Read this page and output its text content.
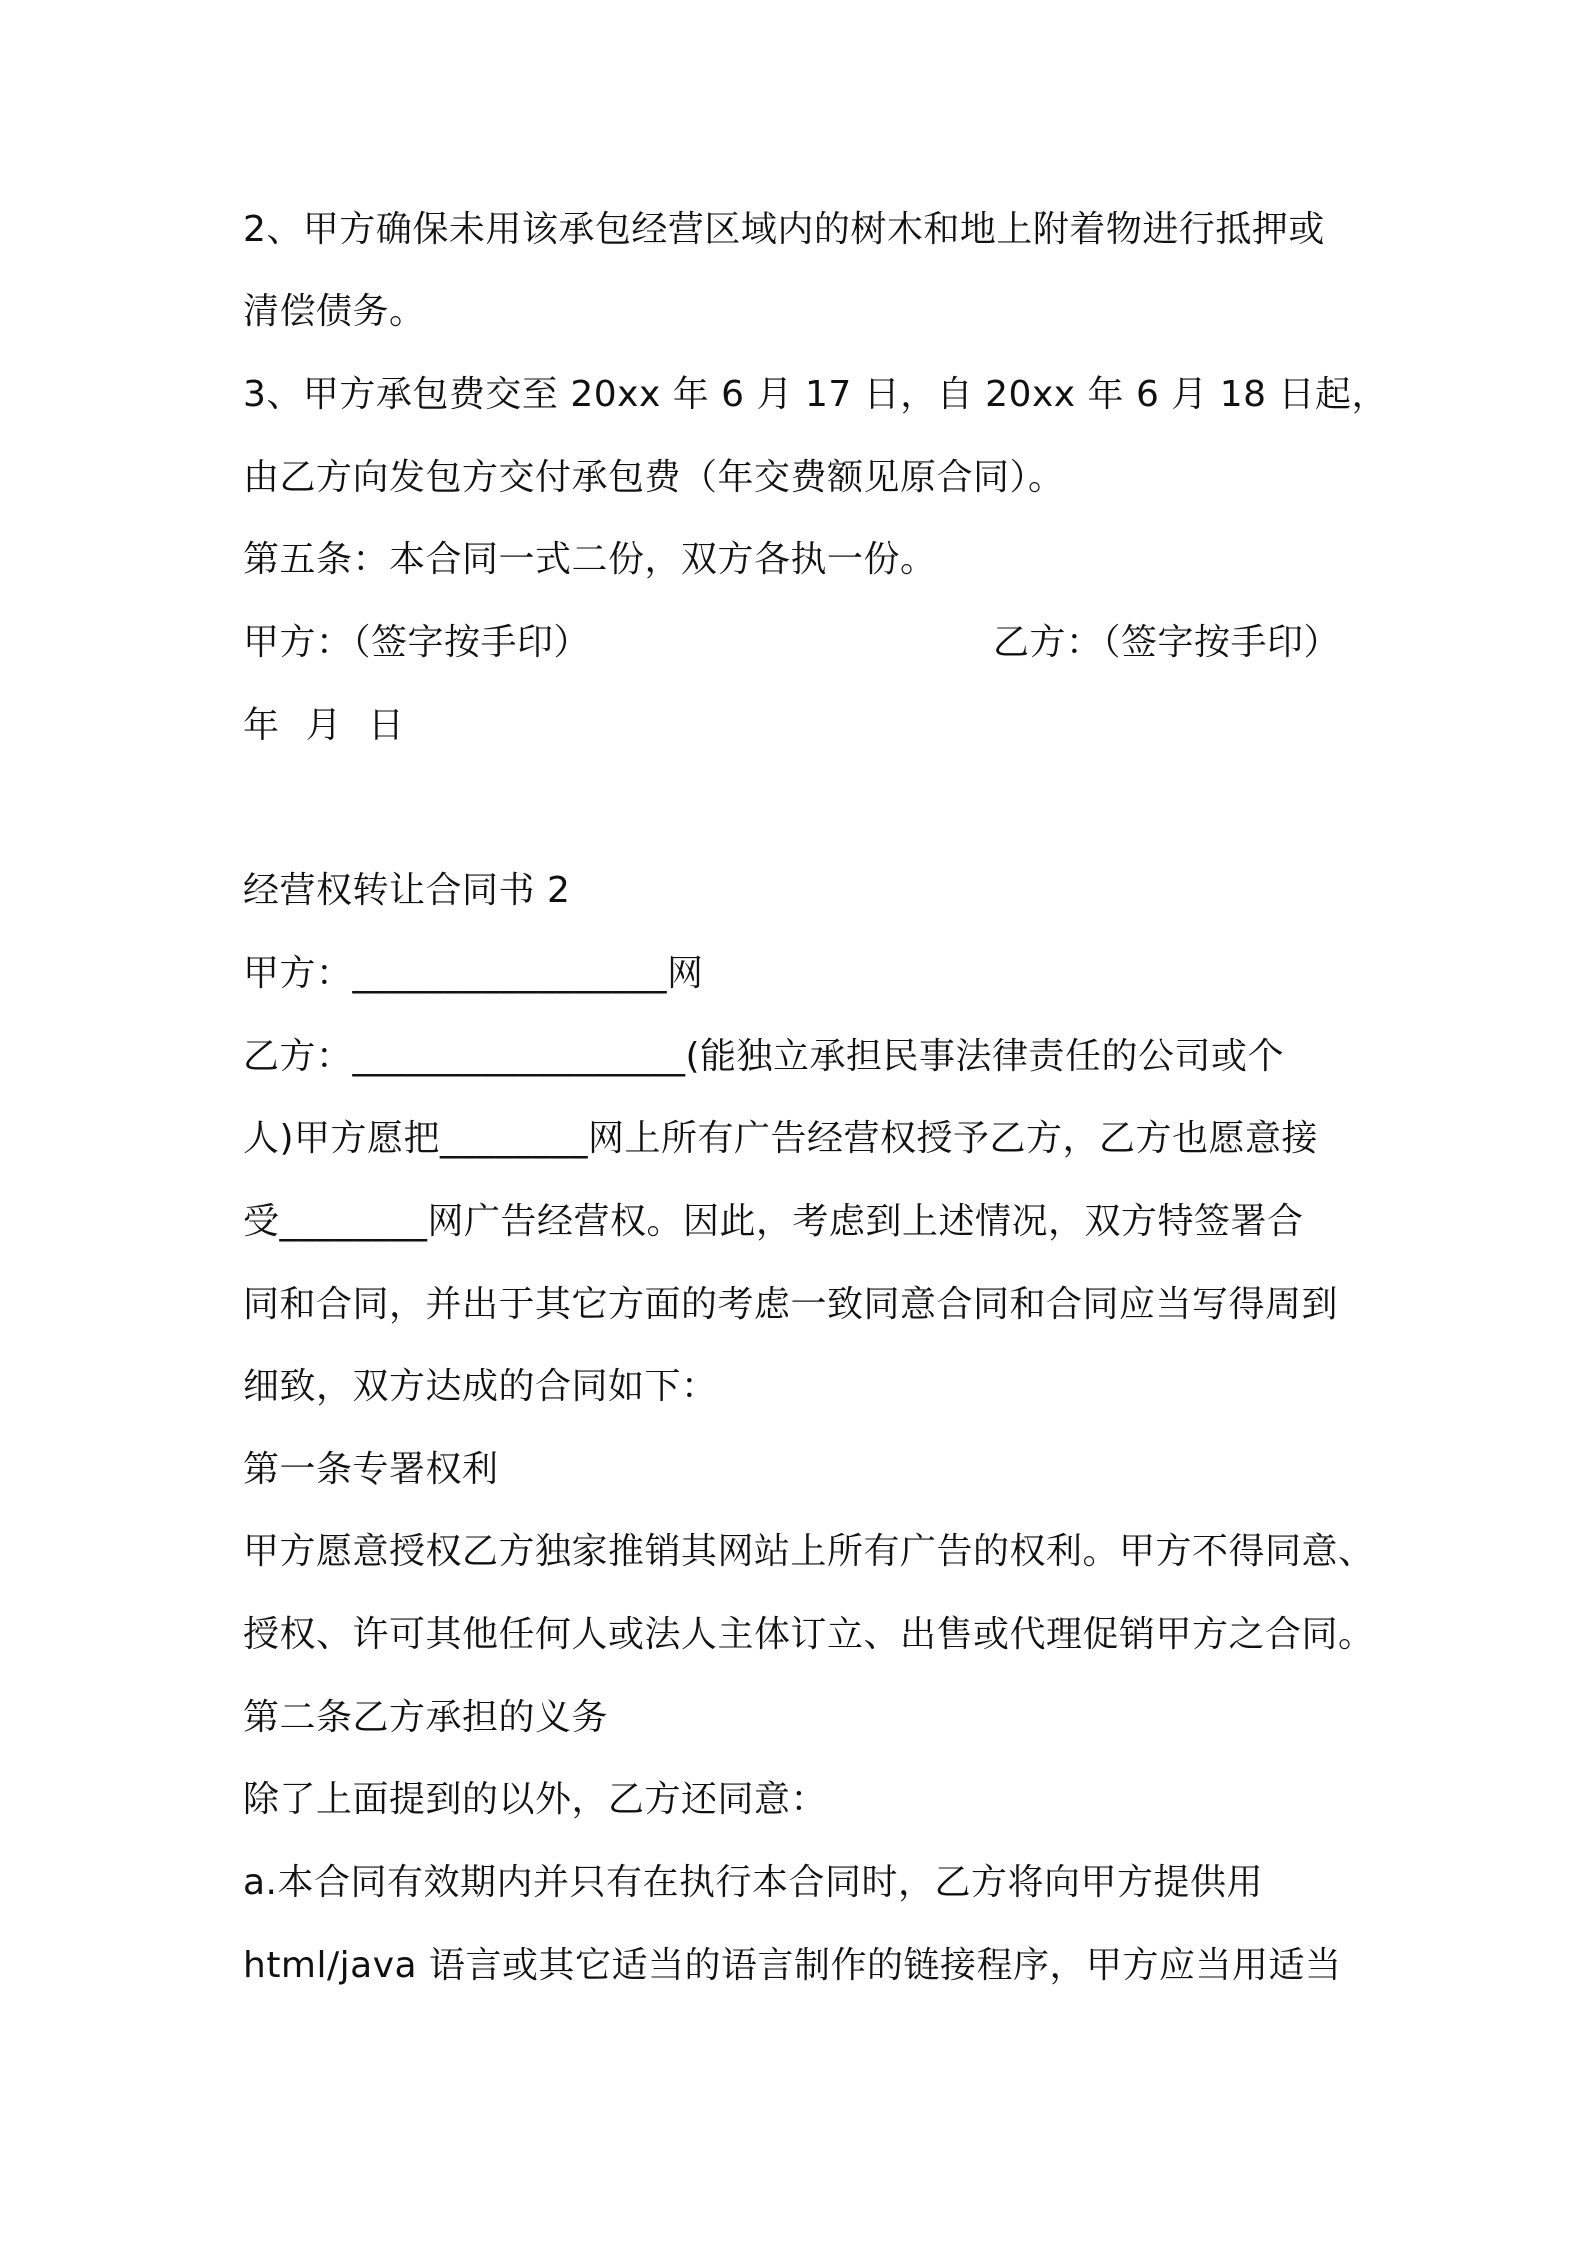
2、甲方确保未用该承包经营区域内的树木和地上附着物进行抵押或
清偿债务。
3、甲方承包费交至 20xx 年 6 月 17 日，自 20xx 年 6 月 18 日起，
由乙方向发包方交付承包费（年交费额见原合同）。
第五条：本合同一式二份，双方各执一份。
甲方：（签字按手印）	乙方：（签字按手印）
年 月 日
经营权转让合同书 2
甲方：_________________网
乙方：__________________(能独立承担民事法律责任的公司或个
人)甲方愿把________网上所有广告经营权授予乙方，乙方也愿意接
受________网广告经营权。因此，考虑到上述情况，双方特签署合
同和合同，并出于其它方面的考虑一致同意合同和合同应当写得周到
细致，双方达成的合同如下：
第一条专署权利
甲方愿意授权乙方独家推销其网站上所有广告的权利。甲方不得同意、
授权、许可其他任何人或法人主体订立、出售或代理促销甲方之合同。
第二条乙方承担的义务
除了上面提到的以外，乙方还同意：
a.本合同有效期内并只有在执行本合同时，乙方将向甲方提供用
html/java 语言或其它适当的语言制作的链接程序，甲方应当用适当
